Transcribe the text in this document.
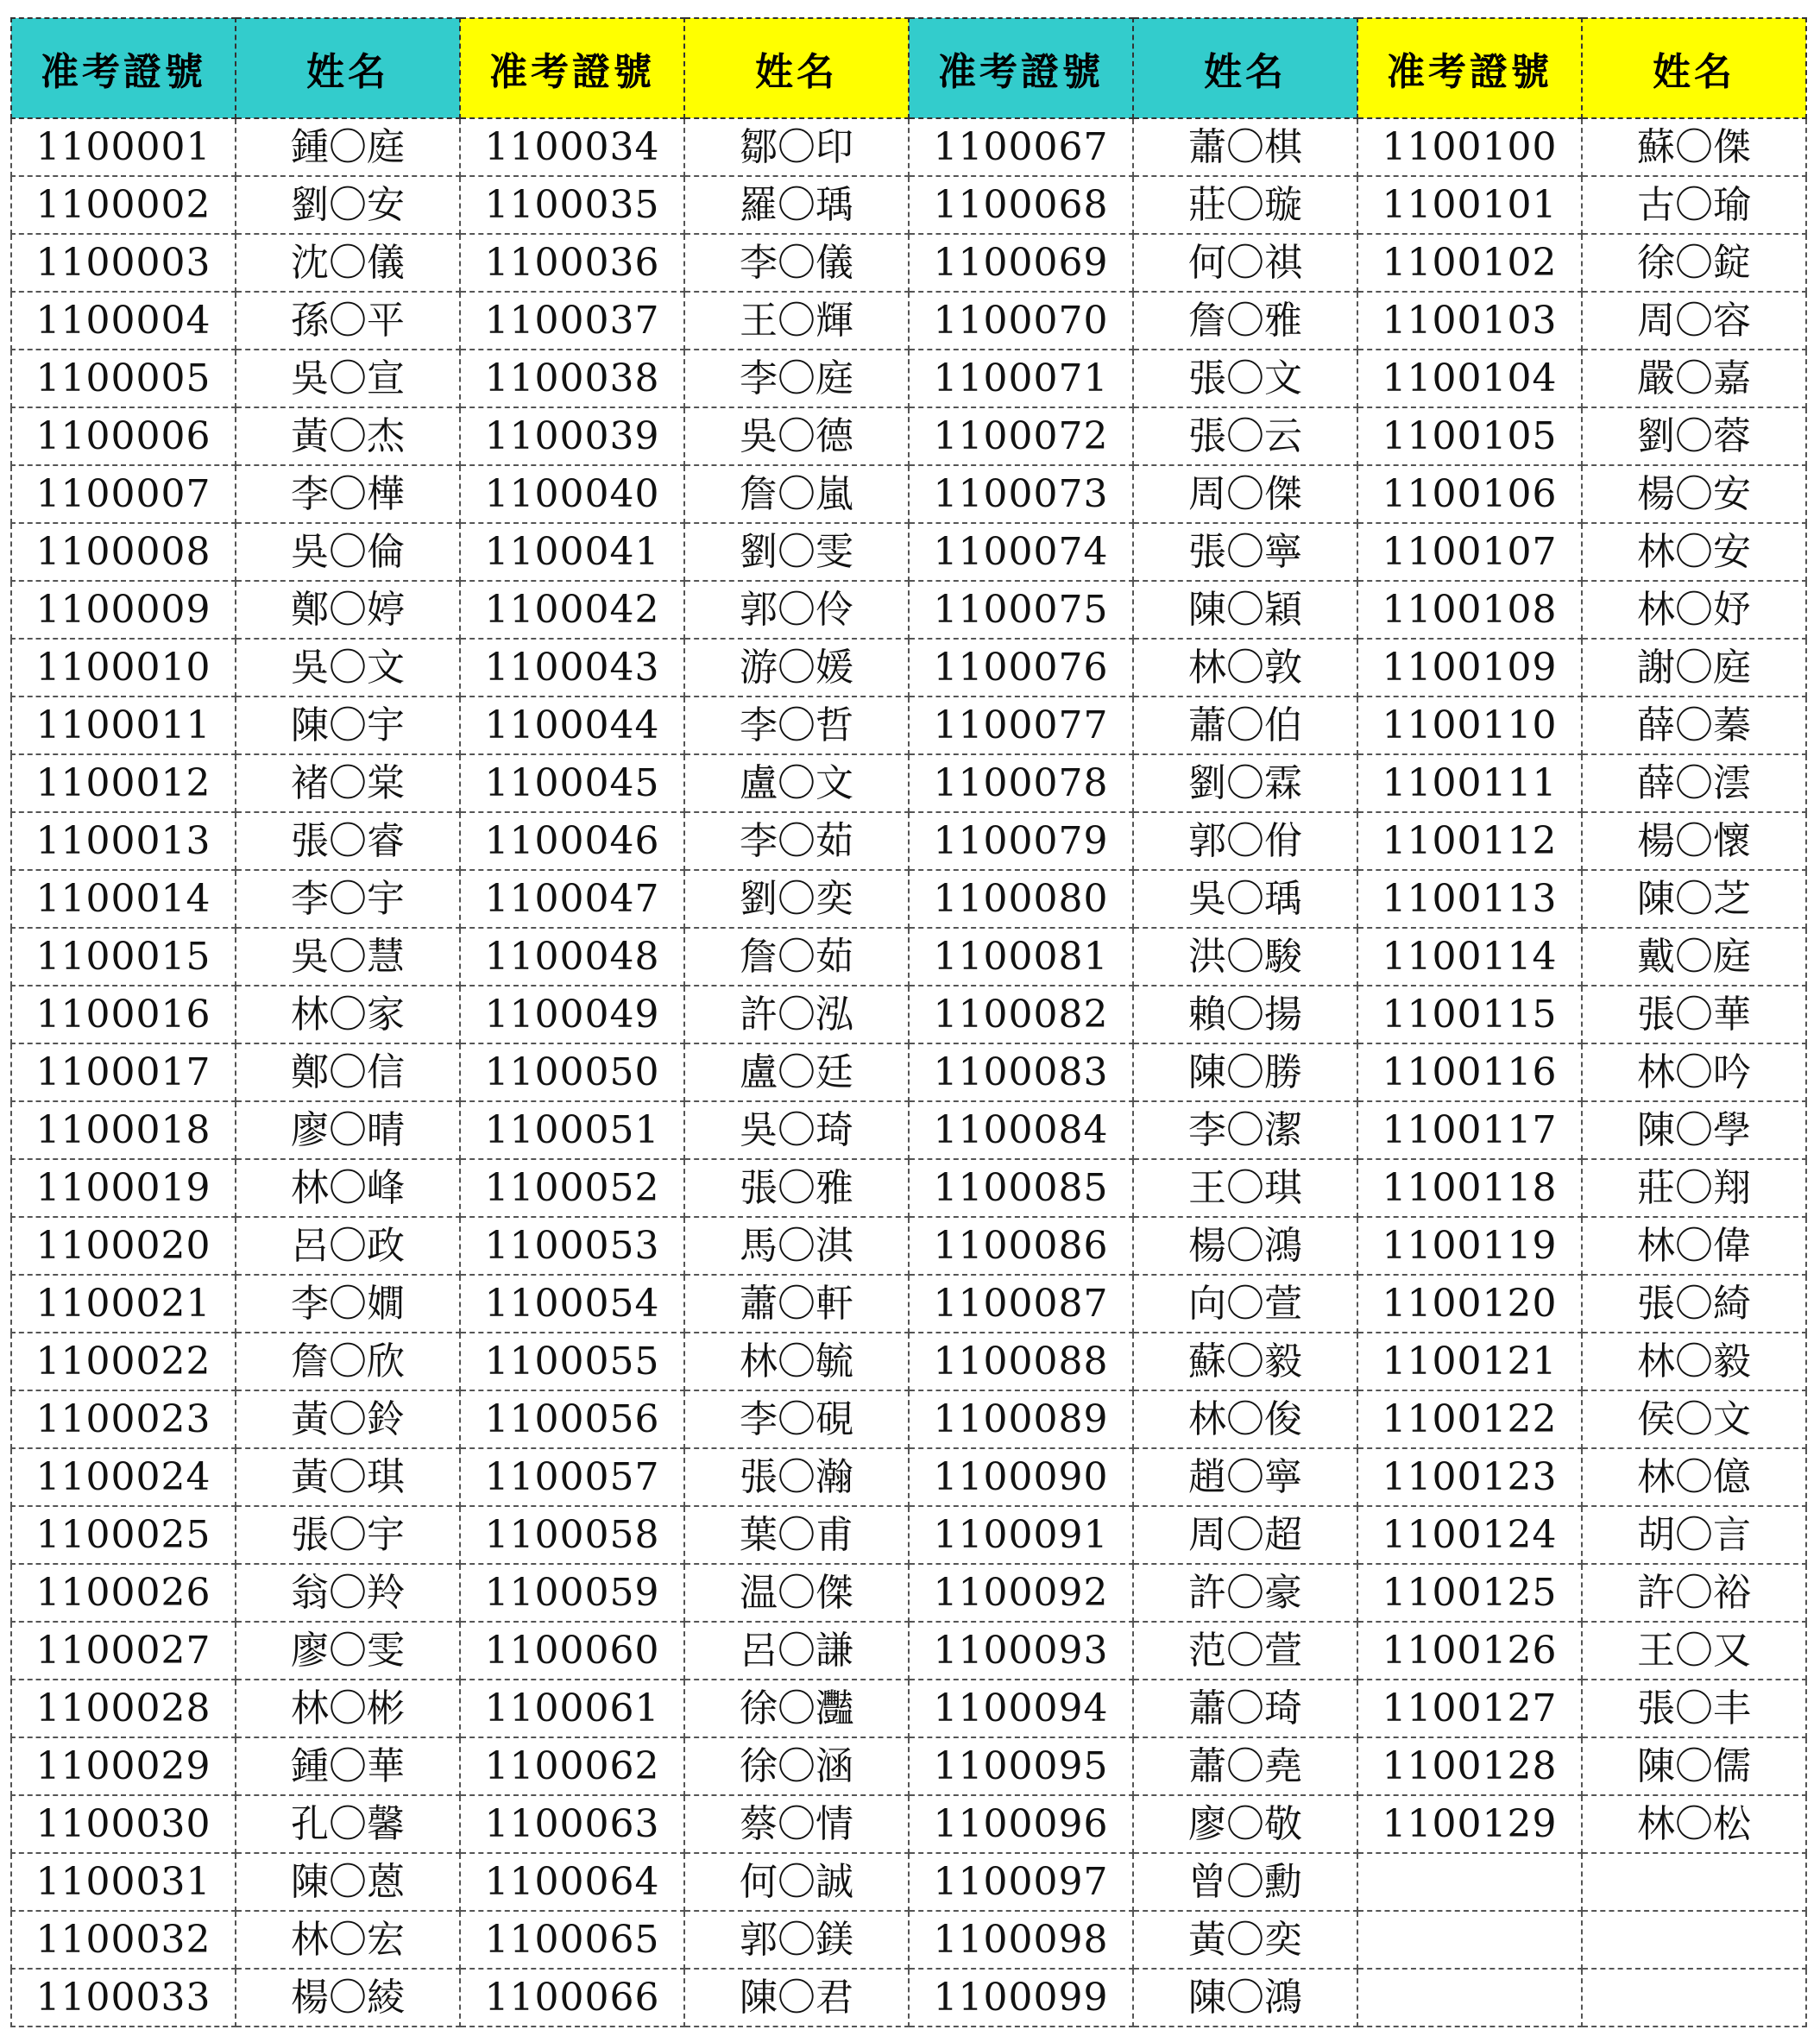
准考證號	姓名	准考證號	姓名	准考證號	姓名	准考證號	姓名
1100001	鍾〇庭	1100034	鄒〇印	1100067	蕭〇棋	1100100	蘇〇傑
1100002	劉〇安	1100035	羅〇瑀	1100068	莊〇璇	1100101	古〇瑜
1100003	沈〇儀	1100036	李〇儀	1100069	何〇祺	1100102	徐〇錠
1100004	孫〇平	1100037	王〇輝	1100070	詹〇雅	1100103	周〇容
1100005	吳〇宣	1100038	李〇庭	1100071	張〇文	1100104	嚴〇嘉
1100006	黃〇杰	1100039	吳〇德	1100072	張〇云	1100105	劉〇蓉
1100007	李〇樺	1100040	詹〇嵐	1100073	周〇傑	1100106	楊〇安
1100008	吳〇倫	1100041	劉〇雯	1100074	張〇寧	1100107	林〇安
1100009	鄭〇婷	1100042	郭〇伶	1100075	陳〇穎	1100108	林〇妤
1100010	吳〇文	1100043	游〇媛	1100076	林〇敦	1100109	謝〇庭
1100011	陳〇宇	1100044	李〇哲	1100077	蕭〇伯	1100110	薛〇蓁
1100012	褚〇棠	1100045	盧〇文	1100078	劉〇霖	1100111	薛〇澐
1100013	張〇睿	1100046	李〇茹	1100079	郭〇佾	1100112	楊〇懷
1100014	李〇宇	1100047	劉〇奕	1100080	吳〇瑀	1100113	陳〇芝
1100015	吳〇慧	1100048	詹〇茹	1100081	洪〇駿	1100114	戴〇庭
1100016	林〇家	1100049	許〇泓	1100082	賴〇揚	1100115	張〇華
1100017	鄭〇信	1100050	盧〇廷	1100083	陳〇勝	1100116	林〇吟
1100018	廖〇晴	1100051	吳〇琦	1100084	李〇潔	1100117	陳〇學
1100019	林〇峰	1100052	張〇雅	1100085	王〇琪	1100118	莊〇翔
1100020	呂〇政	1100053	馬〇淇	1100086	楊〇鴻	1100119	林〇偉
1100021	李〇嫺	1100054	蕭〇軒	1100087	向〇萱	1100120	張〇綺
1100022	詹〇欣	1100055	林〇毓	1100088	蘇〇毅	1100121	林〇毅
1100023	黃〇鈴	1100056	李〇硯	1100089	林〇俊	1100122	侯〇文
1100024	黃〇琪	1100057	張〇瀚	1100090	趙〇寧	1100123	林〇億
1100025	張〇宇	1100058	葉〇甫	1100091	周〇超	1100124	胡〇言
1100026	翁〇羚	1100059	温〇傑	1100092	許〇豪	1100125	許〇裕
1100027	廖〇雯	1100060	呂〇謙	1100093	范〇萱	1100126	王〇又
1100028	林〇彬	1100061	徐〇灩	1100094	蕭〇琦	1100127	張〇丰
1100029	鍾〇華	1100062	徐〇涵	1100095	蕭〇堯	1100128	陳〇儒
1100030	孔〇馨	1100063	蔡〇情	1100096	廖〇敬	1100129	林〇松
1100031	陳〇蒽	1100064	何〇誠	1100097	曾〇勳		
1100032	林〇宏	1100065	郭〇鎂	1100098	黃〇奕		
1100033	楊〇綾	1100066	陳〇君	1100099	陳〇鴻		
